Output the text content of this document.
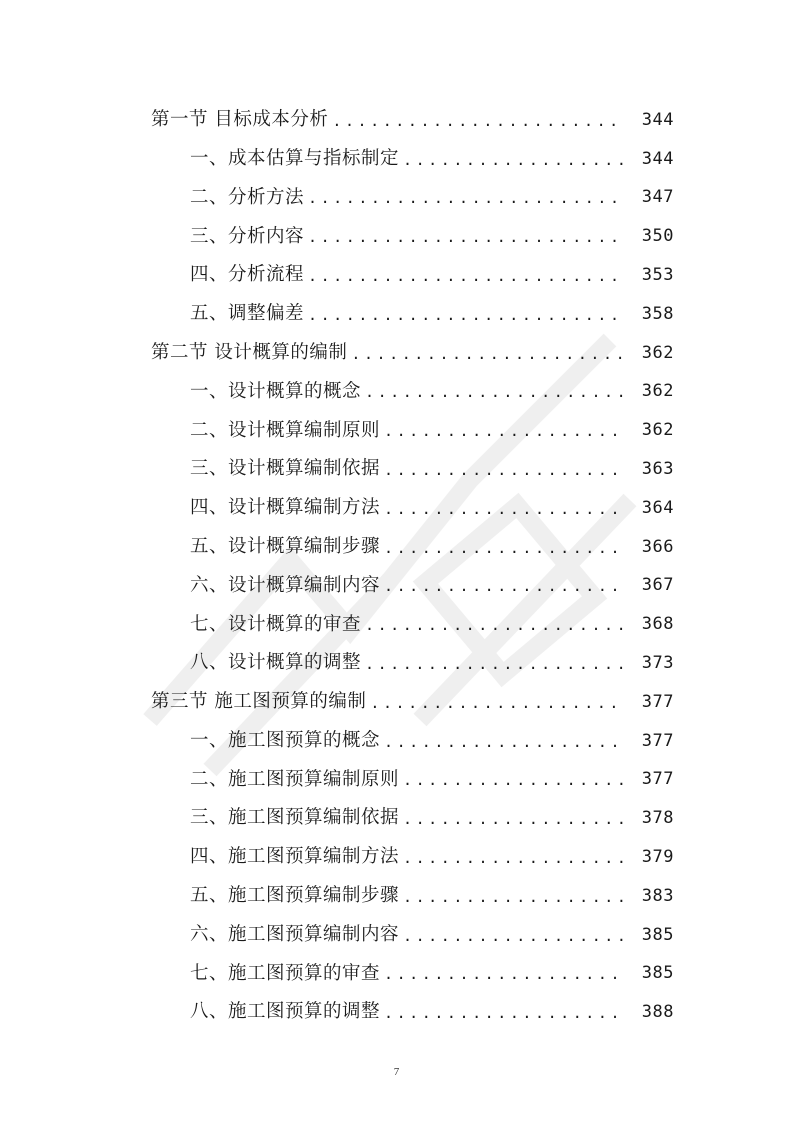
第一节 目标成本分析 .....	344
一、成本估算与指标制定 .....	344
二、分析方法 .....	347
三、分析内容 .....	350
四、分析流程 .....	353
五、调整偏差 .....	358
第二节 设计概算的编制 .....	362
一、设计概算的概念 .....	362
二、设计概算编制原则 .....	362
三、设计概算编制依据 .....	363
四、设计概算编制方法 .....	364
五、设计概算编制步骤 .....	366
六、设计概算编制内容 .....	367
七、设计概算的审查 .....	368
八、设计概算的调整 .....	373
第三节 施工图预算的编制 .....	377
一、施工图预算的概念 .....	377
二、施工图预算编制原则 .....	377
三、施工图预算编制依据 .....	378
四、施工图预算编制方法 .....	379
五、施工图预算编制步骤 .....	383
六、施工图预算编制内容 .....	385
七、施工图预算的审查 .....	385
八、施工图预算的调整 .....	388
7
